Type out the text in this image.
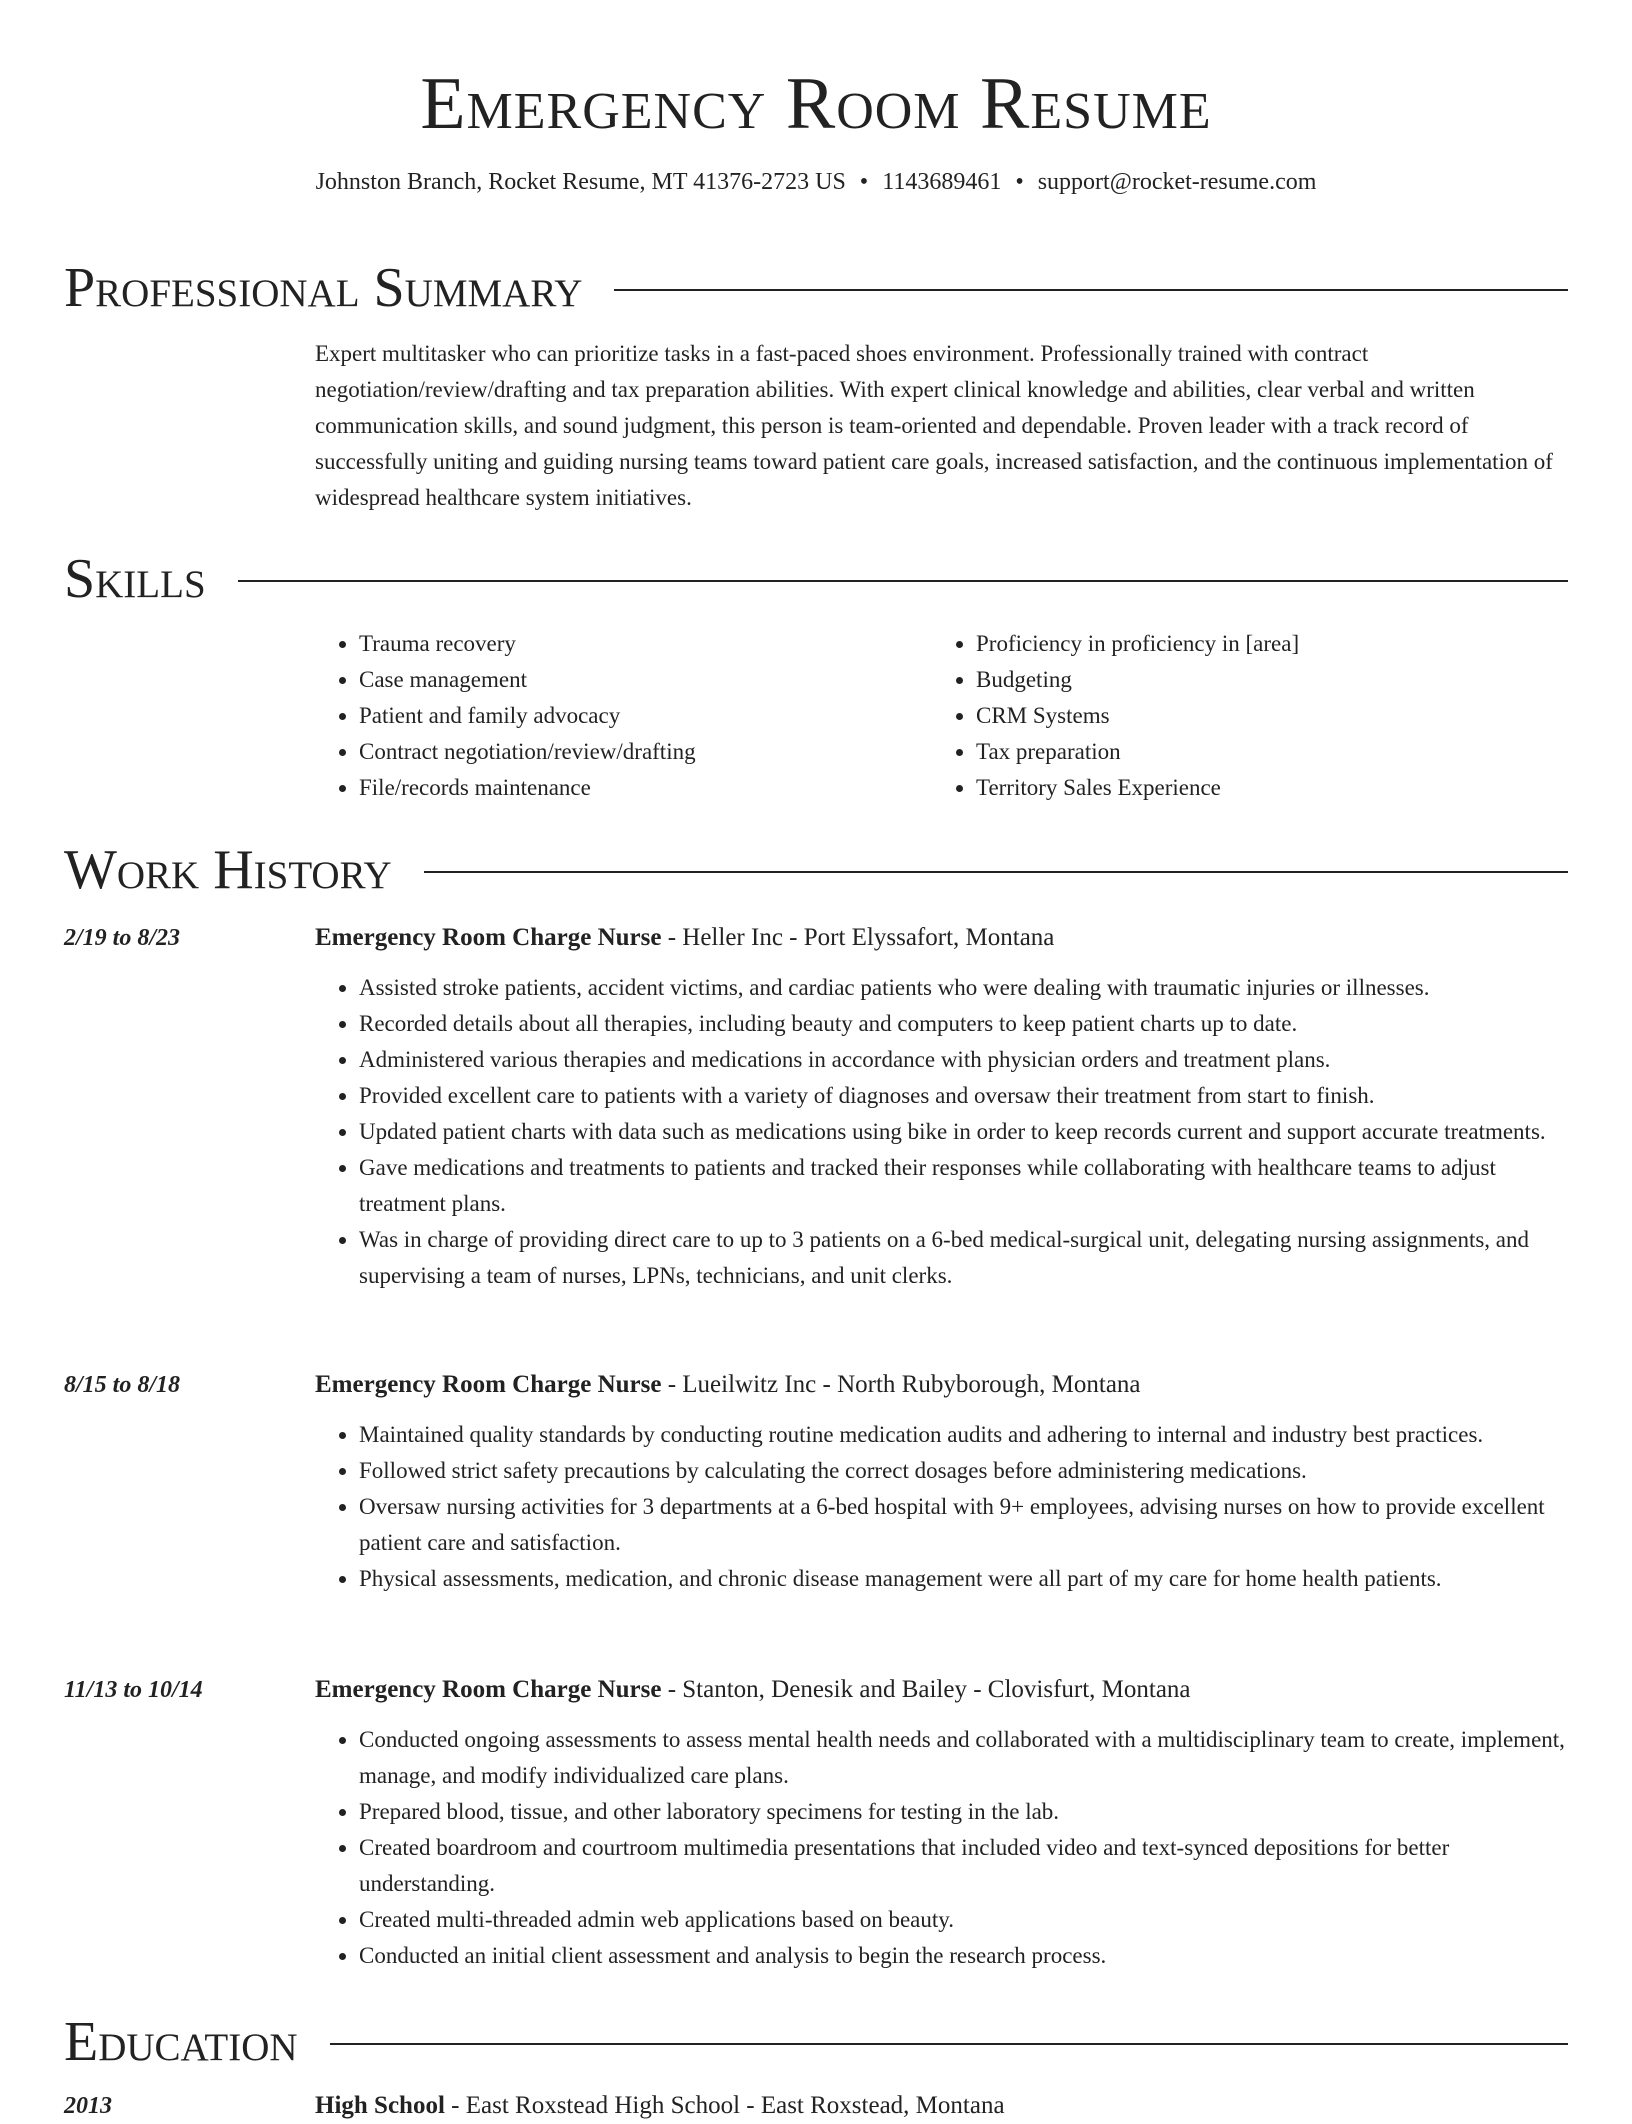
Emergency Room Resume
Johnston Branch, Rocket Resume, MT 41376-2723 US • 1143689461 • support@rocket-resume.com
Professional Summary

Expert multitasker who can prioritize tasks in a fast-paced shoes environment. Professionally trained with contract negotiation/review/drafting and tax preparation abilities. With expert clinical knowledge and abilities, clear verbal and written communication skills, and sound judgment, this person is team-oriented and dependable. Proven leader with a track record of successfully uniting and guiding nursing teams toward patient care goals, increased satisfaction, and the continuous implementation of widespread healthcare system initiatives.

Skills
• Trauma recovery
• Case management
• Patient and family advocacy
• Contract negotiation/review/drafting
• File/records maintenance
• Proficiency in proficiency in [area]
• Budgeting
• CRM Systems
• Tax preparation
• Territory Sales Experience
Work History
2/19 to 8/23	Emergency Room Charge Nurse - Heller Inc - Port Elyssafort, Montana
• Assisted stroke patients, accident victims, and cardiac patients who were dealing with traumatic injuries or illnesses.
• Recorded details about all therapies, including beauty and computers to keep patient charts up to date.
• Administered various therapies and medications in accordance with physician orders and treatment plans.
• Provided excellent care to patients with a variety of diagnoses and oversaw their treatment from start to finish.
• Updated patient charts with data such as medications using bike in order to keep records current and support accurate treatments.
• Gave medications and treatments to patients and tracked their responses while collaborating with healthcare teams to adjust treatment plans.
• Was in charge of providing direct care to up to 3 patients on a 6-bed medical-surgical unit, delegating nursing assignments, and supervising a team of nurses, LPNs, technicians, and unit clerks.
8/15 to 8/18	Emergency Room Charge Nurse - Lueilwitz Inc - North Rubyborough, Montana
• Maintained quality standards by conducting routine medication audits and adhering to internal and industry best practices.
• Followed strict safety precautions by calculating the correct dosages before administering medications.
• Oversaw nursing activities for 3 departments at a 6-bed hospital with 9+ employees, advising nurses on how to provide excellent patient care and satisfaction.
• Physical assessments, medication, and chronic disease management were all part of my care for home health patients.
11/13 to 10/14	Emergency Room Charge Nurse - Stanton, Denesik and Bailey - Clovisfurt, Montana
• Conducted ongoing assessments to assess mental health needs and collaborated with a multidisciplinary team to create, implement, manage, and modify individualized care plans.
• Prepared blood, tissue, and other laboratory specimens for testing in the lab.
• Created boardroom and courtroom multimedia presentations that included video and text-synced depositions for better understanding.
• Created multi-threaded admin web applications based on beauty.
• Conducted an initial client assessment and analysis to begin the research process.
Education
2013	High School - East Roxstead High School - East Roxstead, Montana
